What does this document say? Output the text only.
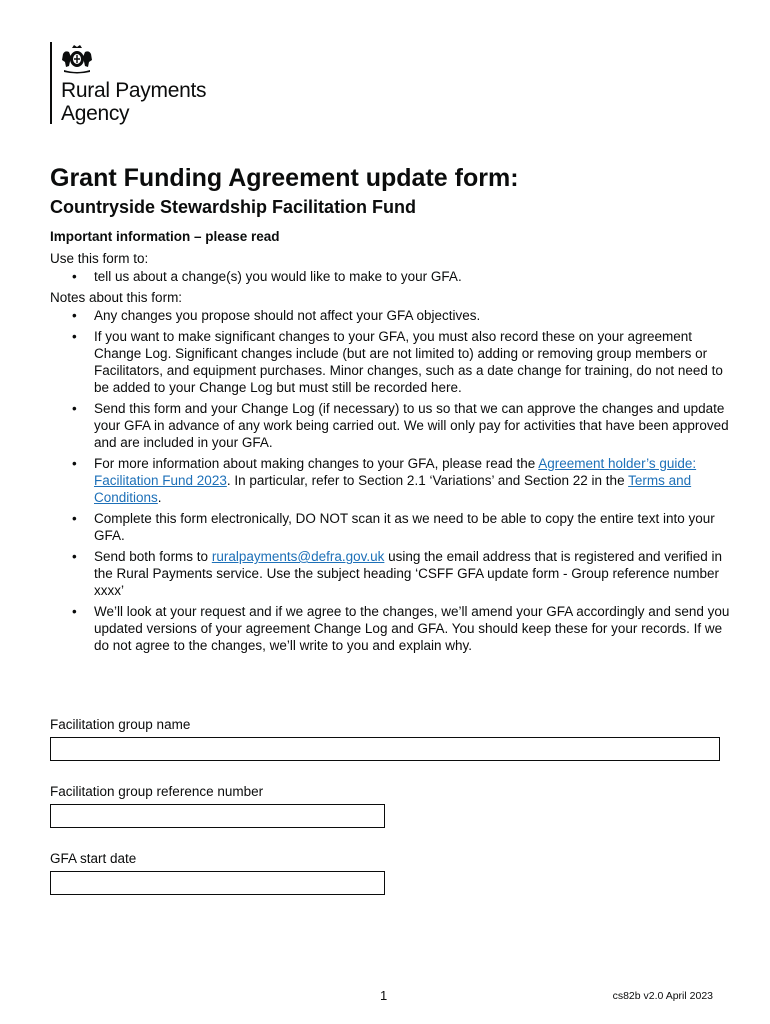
Rural Payments
Agency
Grant Funding Agreement update form:
Countryside Stewardship Facilitation Fund

Important information – please read

Use this form to:

• tell us about a change(s) you would like to make to your GFA.

Notes about this form:

• Any changes you propose should not affect your GFA objectives.
• If you want to make significant changes to your GFA, you must also record these on your agreement Change Log. Significant changes include (but are not limited to) adding or removing group members or Facilitators, and equipment purchases. Minor changes, such as a date change for training, do not need to be added to your Change Log but must still be recorded here.
• Send this form and your Change Log (if necessary) to us so that we can approve the changes and update your GFA in advance of any work being carried out. We will only pay for activities that have been approved and are included in your GFA.
• For more information about making changes to your GFA, please read the Agreement holder’s guide: Facilitation Fund 2023. In particular, refer to Section 2.1 ‘Variations’ and Section 22 in the Terms and Conditions.
• Complete this form electronically, DO NOT scan it as we need to be able to copy the entire text into your GFA.
• Send both forms to ruralpayments@defra.gov.uk using the email address that is registered and verified in the Rural Payments service. Use the subject heading ‘CSFF GFA update form - Group reference number xxxx’
• We’ll look at your request and if we agree to the changes, we’ll amend your GFA accordingly and send you updated versions of your agreement Change Log and GFA. You should keep these for your records. If we do not agree to the changes, we’ll write to you and explain why.
Facilitation group name
Facilitation group reference number
GFA start date
1	cs82b v2.0 April 2023
